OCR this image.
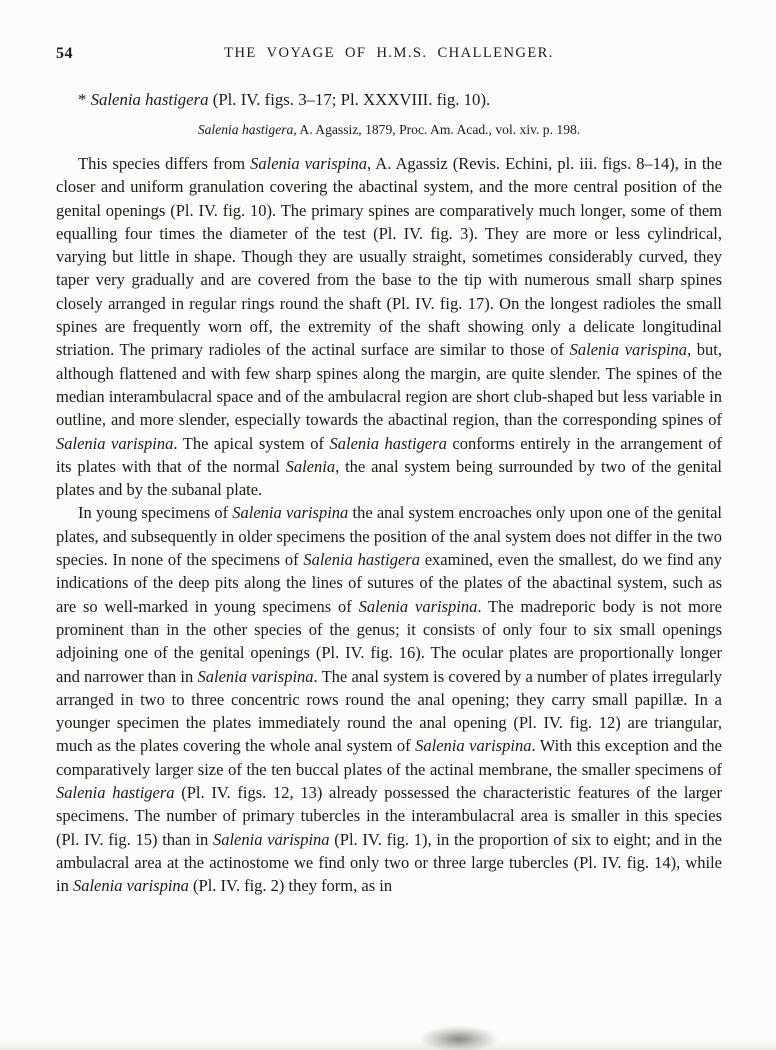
54	THE VOYAGE OF H.M.S. CHALLENGER.
* Salenia hastigera (Pl. IV. figs. 3–17; Pl. XXXVIII. fig. 10).

Salenia hastigera, A. Agassiz, 1879, Proc. Am. Acad., vol. xiv. p. 198.

This species differs from Salenia varispina, A. Agassiz (Revis. Echini, pl. iii. figs. 8–14), in the closer and uniform granulation covering the abactinal system, and the more central position of the genital openings (Pl. IV. fig. 10). The primary spines are comparatively much longer, some of them equalling four times the diameter of the test (Pl. IV. fig. 3). They are more or less cylindrical, varying but little in shape. Though they are usually straight, sometimes considerably curved, they taper very gradually and are covered from the base to the tip with numerous small sharp spines closely arranged in regular rings round the shaft (Pl. IV. fig. 17). On the longest radioles the small spines are frequently worn off, the extremity of the shaft showing only a delicate longitudinal striation. The primary radioles of the actinal surface are similar to those of Salenia varispina, but, although flattened and with few sharp spines along the margin, are quite slender. The spines of the median interambulacral space and of the ambulacral region are short club-shaped but less variable in outline, and more slender, especially towards the abactinal region, than the corresponding spines of Salenia varispina. The apical system of Salenia hastigera conforms entirely in the arrangement of its plates with that of the normal Salenia, the anal system being surrounded by two of the genital plates and by the subanal plate.

In young specimens of Salenia varispina the anal system encroaches only upon one of the genital plates, and subsequently in older specimens the position of the anal system does not differ in the two species. In none of the specimens of Salenia hastigera examined, even the smallest, do we find any indications of the deep pits along the lines of sutures of the plates of the abactinal system, such as are so well-marked in young specimens of Salenia varispina. The madreporic body is not more prominent than in the other species of the genus; it consists of only four to six small openings adjoining one of the genital openings (Pl. IV. fig. 16). The ocular plates are proportionally longer and narrower than in Salenia varispina. The anal system is covered by a number of plates irregularly arranged in two to three concentric rows round the anal opening; they carry small papillæ. In a younger specimen the plates immediately round the anal opening (Pl. IV. fig. 12) are triangular, much as the plates covering the whole anal system of Salenia varispina. With this exception and the comparatively larger size of the ten buccal plates of the actinal membrane, the smaller specimens of Salenia hastigera (Pl. IV. figs. 12, 13) already possessed the characteristic features of the larger specimens. The number of primary tubercles in the interambulacral area is smaller in this species (Pl. IV. fig. 15) than in Salenia varispina (Pl. IV. fig. 1), in the proportion of six to eight; and in the ambulacral area at the actinostome we find only two or three large tubercles (Pl. IV. fig. 14), while in Salenia varispina (Pl. IV. fig. 2) they form, as in
